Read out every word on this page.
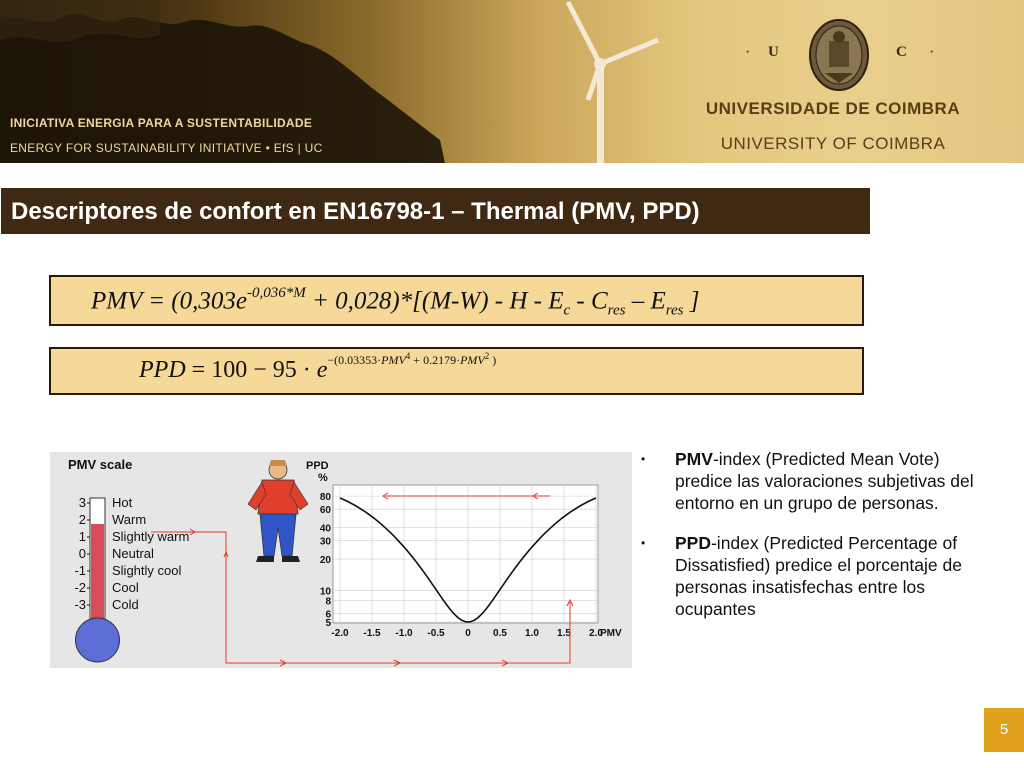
INICIATIVA ENERGIA PARA A SUSTENTABILIDADE
ENERGY FOR SUSTAINABILITY INITIATIVE • EfS | UC
· U	C ·
UNIVERSIDADE DE COIMBRA
UNIVERSITY OF COIMBRA
Descriptores de confort en EN16798-1 – Thermal (PMV, PPD)
PMV = $(0,303e^{-0,036*M} + 0,028)*[(M-W) - H - E_c - C_{res} - E_{res}$ ]
PPD = $100 - 95 \cdot e^{-(0.03353\cdot PMV^4 + 0.2179\cdot PMV^2 )}$
PMV scale
3 Hot
2 Warm
1 Slightly warm
0 Neutral
-1 Slightly cool
-2 Cool
-3 Cold
PPD
%
80
60
40
30
20
10
8
6
5
-2.0 -1.5 -1.0 -0.5 0 0.5 1.0 1.5 2.0
PMV
• PMV-index (Predicted Mean Vote) predice las valoraciones subjetivas del entorno en un grupo de personas.
• PPD-index (Predicted Percentage of Dissatisfied) predice el porcentaje de personas insatisfechas entre los ocupantes
5
